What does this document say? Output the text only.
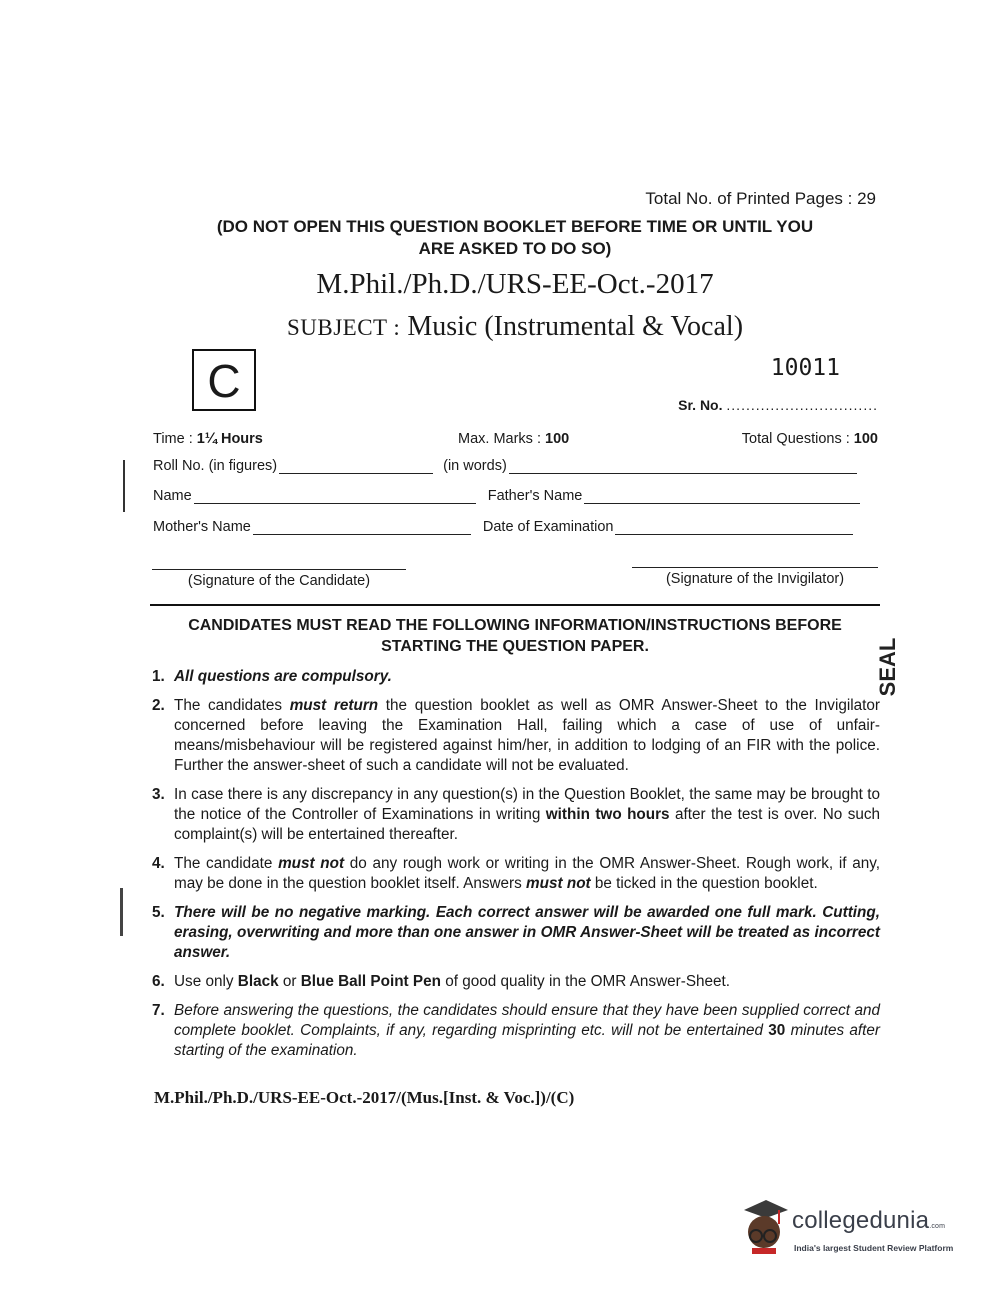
Total No. of Printed Pages : 29
(DO NOT OPEN THIS QUESTION BOOKLET BEFORE TIME OR UNTIL YOU
ARE ASKED TO DO SO)
M.Phil./Ph.D./URS-EE-Oct.-2017
SUBJECT : Music (Instrumental & Vocal)
C	10011
Sr. No. ...............................
Time : 1¼ Hours	Max. Marks : 100	Total Questions : 100
Roll No. (in figures)	(in words)
Name	Father's Name
Mother's Name	Date of Examination
(Signature of the Candidate)	(Signature of the Invigilator)
CANDIDATES MUST READ THE FOLLOWING INFORMATION/INSTRUCTIONS BEFORE
STARTING THE QUESTION PAPER.
1. All questions are compulsory.
2. The candidates must return the question booklet as well as OMR Answer-Sheet to the Invigilator concerned before leaving the Examination Hall, failing which a case of use of unfair-means/misbehaviour will be registered against him/her, in addition to lodging of an FIR with the police. Further the answer-sheet of such a candidate will not be evaluated.
3. In case there is any discrepancy in any question(s) in the Question Booklet, the same may be brought to the notice of the Controller of Examinations in writing within two hours after the test is over. No such complaint(s) will be entertained thereafter.
4. The candidate must not do any rough work or writing in the OMR Answer-Sheet. Rough work, if any, may be done in the question booklet itself. Answers must not be ticked in the question booklet.
5. There will be no negative marking. Each correct answer will be awarded one full mark. Cutting, erasing, overwriting and more than one answer in OMR Answer-Sheet will be treated as incorrect answer.
6. Use only Black or Blue Ball Point Pen of good quality in the OMR Answer-Sheet.
7. Before answering the questions, the candidates should ensure that they have been supplied correct and complete booklet. Complaints, if any, regarding misprinting etc. will not be entertained 30 minutes after starting of the examination.
M.Phil./Ph.D./URS-EE-Oct.-2017/(Mus.[Inst. & Voc.])/(C)
SEAL
collegedunia.com
India's largest Student Review Platform
